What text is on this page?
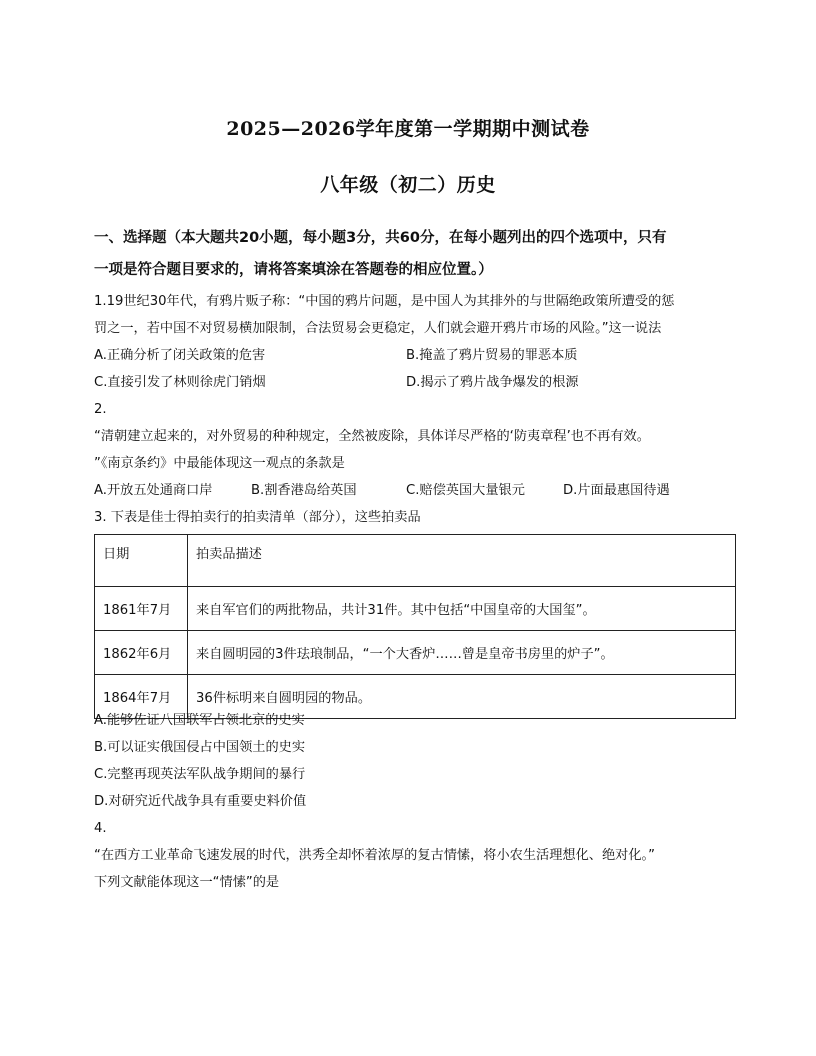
2025—2026学年度第一学期期中测试卷
八年级（初二）历史
一、选择题（本大题共20小题，每小题3分，共60分，在每小题列出的四个选项中，只有
一项是符合题目要求的，请将答案填涂在答题卷的相应位置。）
1.19世纪30年代，有鸦片贩子称：“中国的鸦片问题，是中国人为其排外的与世隔绝政策所遭受的惩
罚之一，若中国不对贸易横加限制，合法贸易会更稳定，人们就会避开鸦片市场的风险。”这一说法
A.正确分析了闭关政策的危害	B.掩盖了鸦片贸易的罪恶本质
C.直接引发了林则徐虎门销烟	D.揭示了鸦片战争爆发的根源
2.
“清朝建立起来的，对外贸易的种种规定，全然被废除，具体详尽严格的‘防夷章程’也不再有效。
”《南京条约》中最能体现这一观点的条款是
A.开放五处通商口岸	B.割香港岛给英国	C.赔偿英国大量银元	D.片面最惠国待遇
3. 下表是佳士得拍卖行的拍卖清单（部分），这些拍卖品
日期	拍卖品描述
1861年7月	来自军官们的两批物品，共计31件。其中包括“中国皇帝的大国玺”。
1862年6月	来自圆明园的3件珐琅制品，“一个大香炉……曾是皇帝书房里的炉子”。
1864年7月	36件标明来自圆明园的物品。
A.能够佐证八国联军占领北京的史实
B.可以证实俄国侵占中国领土的史实
C.完整再现英法军队战争期间的暴行
D.对研究近代战争具有重要史料价值
4.
“在西方工业革命飞速发展的时代，洪秀全却怀着浓厚的复古情愫，将小农生活理想化、绝对化。”
下列文献能体现这一“情愫”的是
